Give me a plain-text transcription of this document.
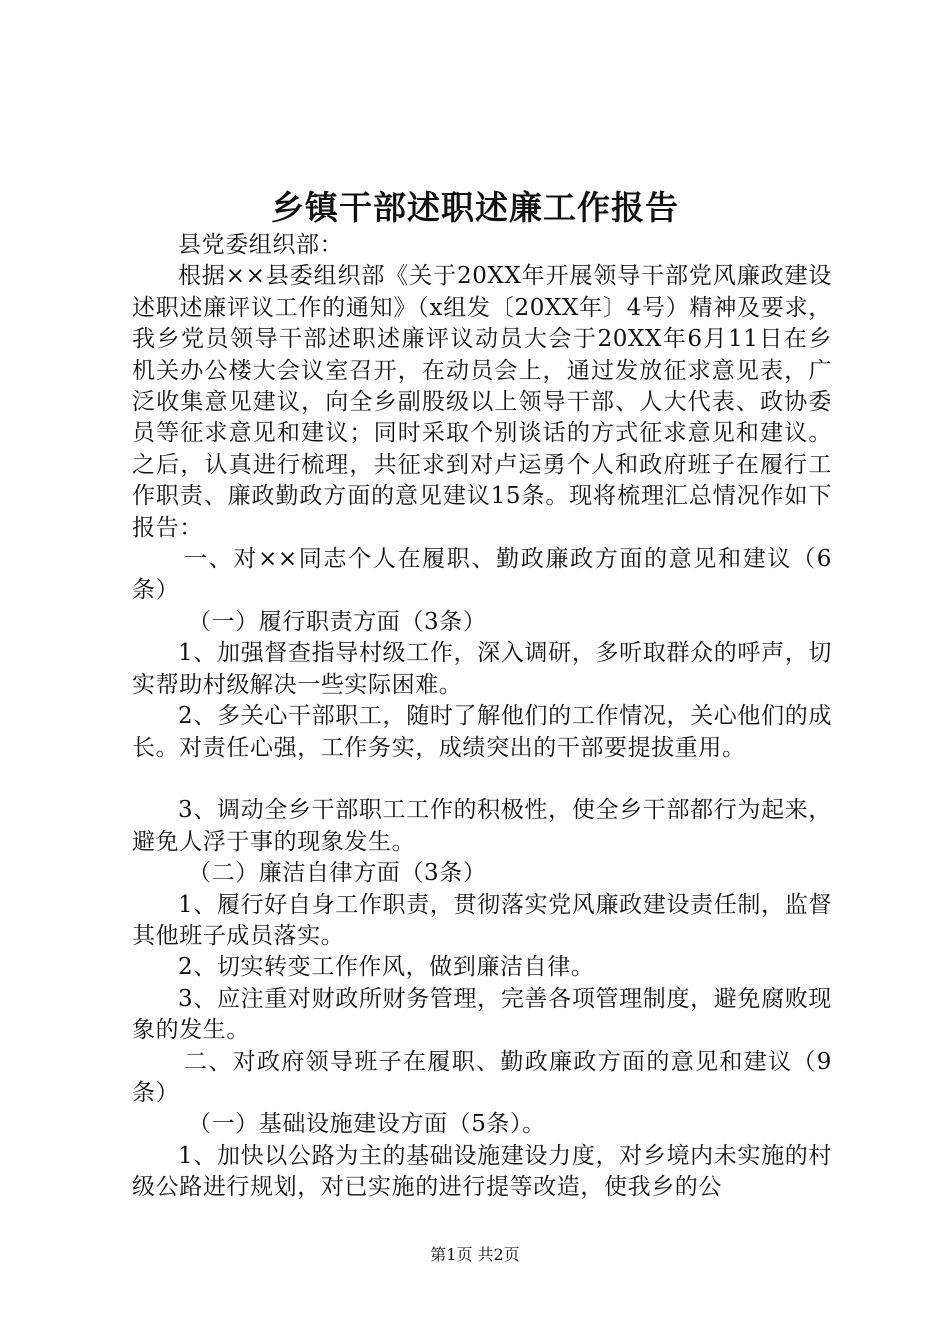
乡镇干部述职述廉工作报告

县党委组织部：

根据××县委组织部《关于20XX年开展领导干部党风廉政建设述职述廉评议工作的通知》（x组发〔20XX年〕4号）精神及要求，我乡党员领导干部述职述廉评议动员大会于20XX年6月11日在乡机关办公楼大会议室召开，在动员会上，通过发放征求意见表，广泛收集意见建议，向全乡副股级以上领导干部、人大代表、政协委员等征求意见和建议；同时采取个别谈话的方式征求意见和建议。之后，认真进行梳理，共征求到对卢运勇个人和政府班子在履行工作职责、廉政勤政方面的意见建议15条。现将梳理汇总情况作如下报告：

一、对××同志个人在履职、勤政廉政方面的意见和建议（6条）

（一）履行职责方面（3条）

1、加强督查指导村级工作，深入调研，多听取群众的呼声，切实帮助村级解决一些实际困难。

2、多关心干部职工，随时了解他们的工作情况，关心他们的成长。对责任心强，工作务实，成绩突出的干部要提拔重用。

3、调动全乡干部职工工作的积极性，使全乡干部都行为起来，避免人浮于事的现象发生。

（二）廉洁自律方面（3条）

1、履行好自身工作职责，贯彻落实党风廉政建设责任制，监督其他班子成员落实。

2、切实转变工作作风，做到廉洁自律。

3、应注重对财政所财务管理，完善各项管理制度，避免腐败现象的发生。

二、对政府领导班子在履职、勤政廉政方面的意见和建议（9条）

（一）基础设施建设方面（5条）。

1、加快以公路为主的基础设施建设力度，对乡境内未实施的村级公路进行规划，对已实施的进行提等改造，使我乡的公

第1页 共2页
